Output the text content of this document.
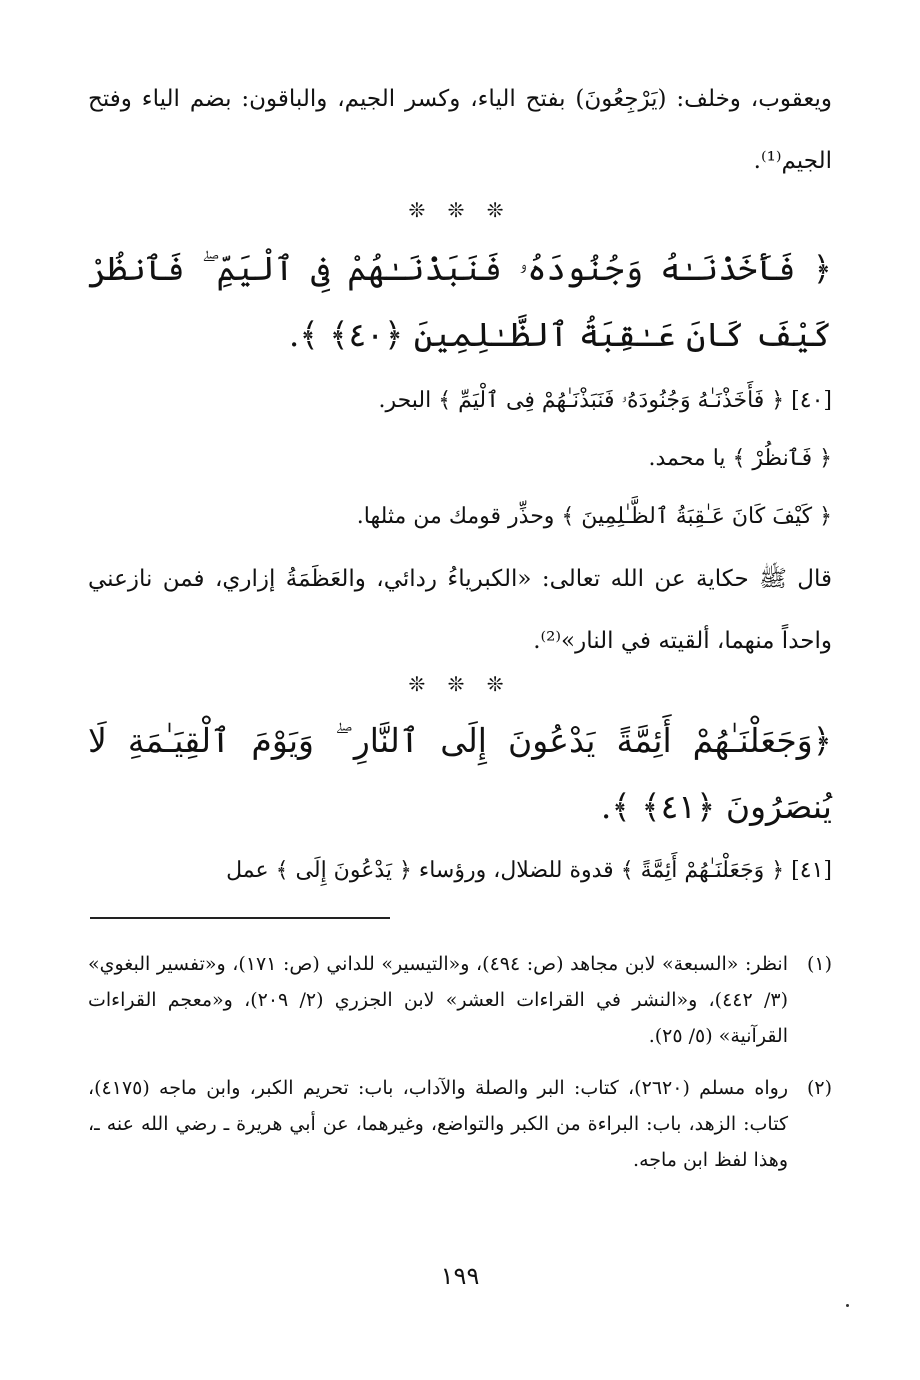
ويعقوب، وخلف: (يَرْجِعُونَ) بفتح الياء، وكسر الجيم، والباقون: بضم الياء وفتح الجيم⁽¹⁾.
❊ ❊ ❊
﴿ فَأَخَذْنَـٰهُ وَجُنُودَهُۥ فَنَبَذْنَـٰهُمْ فِى ٱلْيَمِّ ۖ فَٱنظُرْ كَيْفَ كَانَ عَـٰقِبَةُ ٱلظَّـٰلِمِينَ ﴿٤٠﴾ ﴾.
[٤٠] ﴿ فَأَخَذْنَـٰهُ وَجُنُودَهُۥ فَنَبَذْنَـٰهُمْ فِى ٱلْيَمِّ ﴾ البحر.
﴿ فَٱنظُرْ ﴾ يا محمد.
﴿ كَيْفَ كَانَ عَـٰقِبَةُ ٱلظَّـٰلِمِينَ ﴾ وحذِّر قومك من مثلها.
قال ﷺ حكاية عن الله تعالى: «الكبرياءُ ردائي، والعَظَمَةُ إزاري، فمن نازعني واحداً منهما، ألقيته في النار»⁽²⁾.
❊ ❊ ❊
﴿وَجَعَلْنَـٰهُمْ أَئِمَّةً يَدْعُونَ إِلَى ٱلنَّارِ ۖ وَيَوْمَ ٱلْقِيَـٰمَةِ لَا يُنصَرُونَ ﴿٤١﴾ ﴾.
[٤١] ﴿ وَجَعَلْنَـٰهُمْ أَئِمَّةً ﴾ قدوة للضلال، ورؤساء ﴿ يَدْعُونَ إِلَى ﴾ عمل
(١)
انظر: «السبعة» لابن مجاهد (ص: ٤٩٤)، و«التيسير» للداني (ص: ١٧١)، و«تفسير البغوي» (٣/ ٤٤٢)، و«النشر في القراءات العشر» لابن الجزري (٢/ ٢٠٩)، و«معجم القراءات القرآنية» (٥/ ٢٥).
(٢)
رواه مسلم (٢٦٢٠)، كتاب: البر والصلة والآداب، باب: تحريم الكبر، وابن ماجه (٤١٧٥)، كتاب: الزهد، باب: البراءة من الكبر والتواضع، وغيرهما، عن أبي هريرة ـ رضي الله عنه ـ، وهذا لفظ ابن ماجه.
١٩٩
